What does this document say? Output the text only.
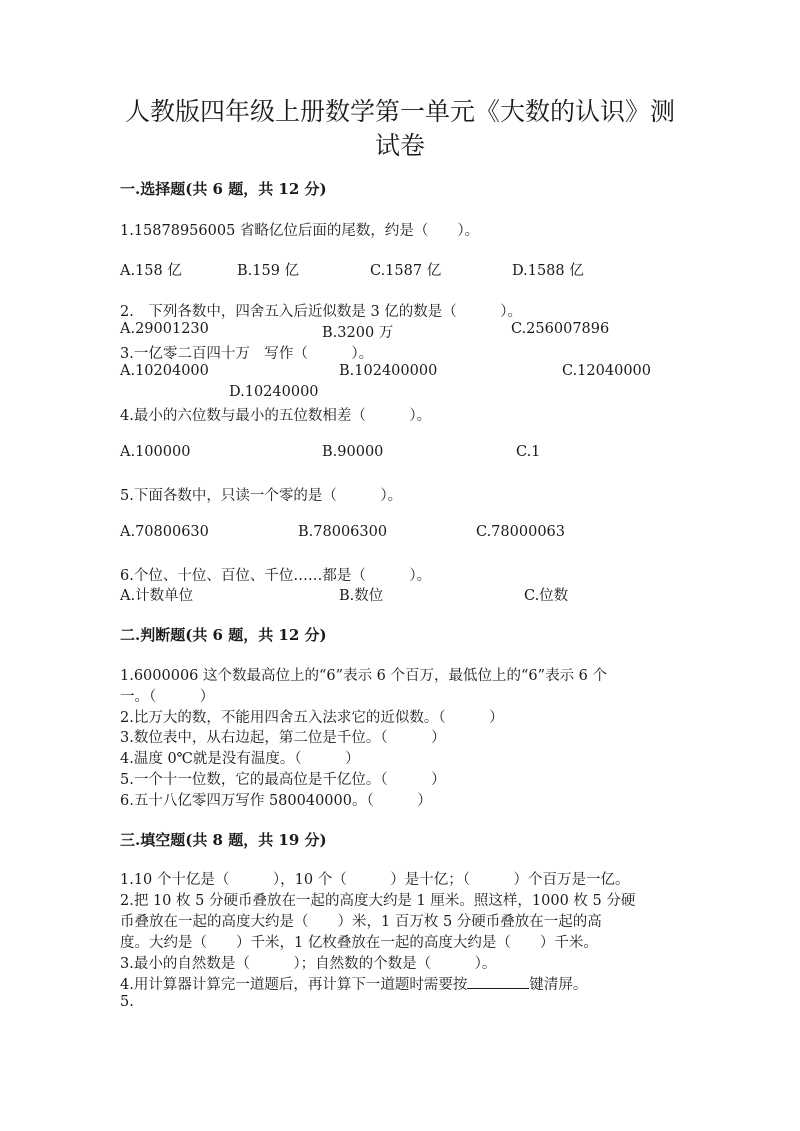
人教版四年级上册数学第一单元《大数的认识》测
试卷
一.选择题(共 6 题，共 12 分)
1.15878956005 省略亿位后面的尾数，约是（　　）。
A.158 亿	B.159 亿	C.1587 亿	D.1588 亿
2.　下列各数中，四舍五入后近似数是 3 亿的数是（　　　）。
A.29001230	B.3200 万	C.256007896
3.一亿零二百四十万　写作（　　　）。
A.10204000	B.102400000	C.12040000
D.10240000
4.最小的六位数与最小的五位数相差（　　　）。
A.100000	B.90000	C.1
5.下面各数中，只读一个零的是（　　　）。
A.70800630	B.78006300	C.78000063
6.个位、十位、百位、千位……都是（　　　）。
A.计数单位	B.数位	C.位数
二.判断题(共 6 题，共 12 分)
1.6000006 这个数最高位上的“6”表示 6 个百万，最低位上的“6”表示 6 个
一。（　　　）
2.比万大的数，不能用四舍五入法求它的近似数。（　　　）
3.数位表中，从右边起，第二位是千位。（　　　）
4.温度 0℃就是没有温度。（　　　）
5.一个十一位数，它的最高位是千亿位。（　　　）
6.五十八亿零四万写作 580040000。（　　　）
三.填空题(共 8 题，共 19 分)
1.10 个十亿是（　　　），10 个（　　　）是十亿；（　　　）个百万是一亿。
2.把 10 枚 5 分硬币叠放在一起的高度大约是 1 厘米。照这样，1000 枚 5 分硬
币叠放在一起的高度大约是（　　）米，1 百万枚 5 分硬币叠放在一起的高
度。大约是（　　）千米，1 亿枚叠放在一起的高度大约是（　　）千米。
3.最小的自然数是（　　　）；自然数的个数是（　　　）。
4.用计算器计算完一道题后，再计算下一道题时需要按	键清屏。
5.
